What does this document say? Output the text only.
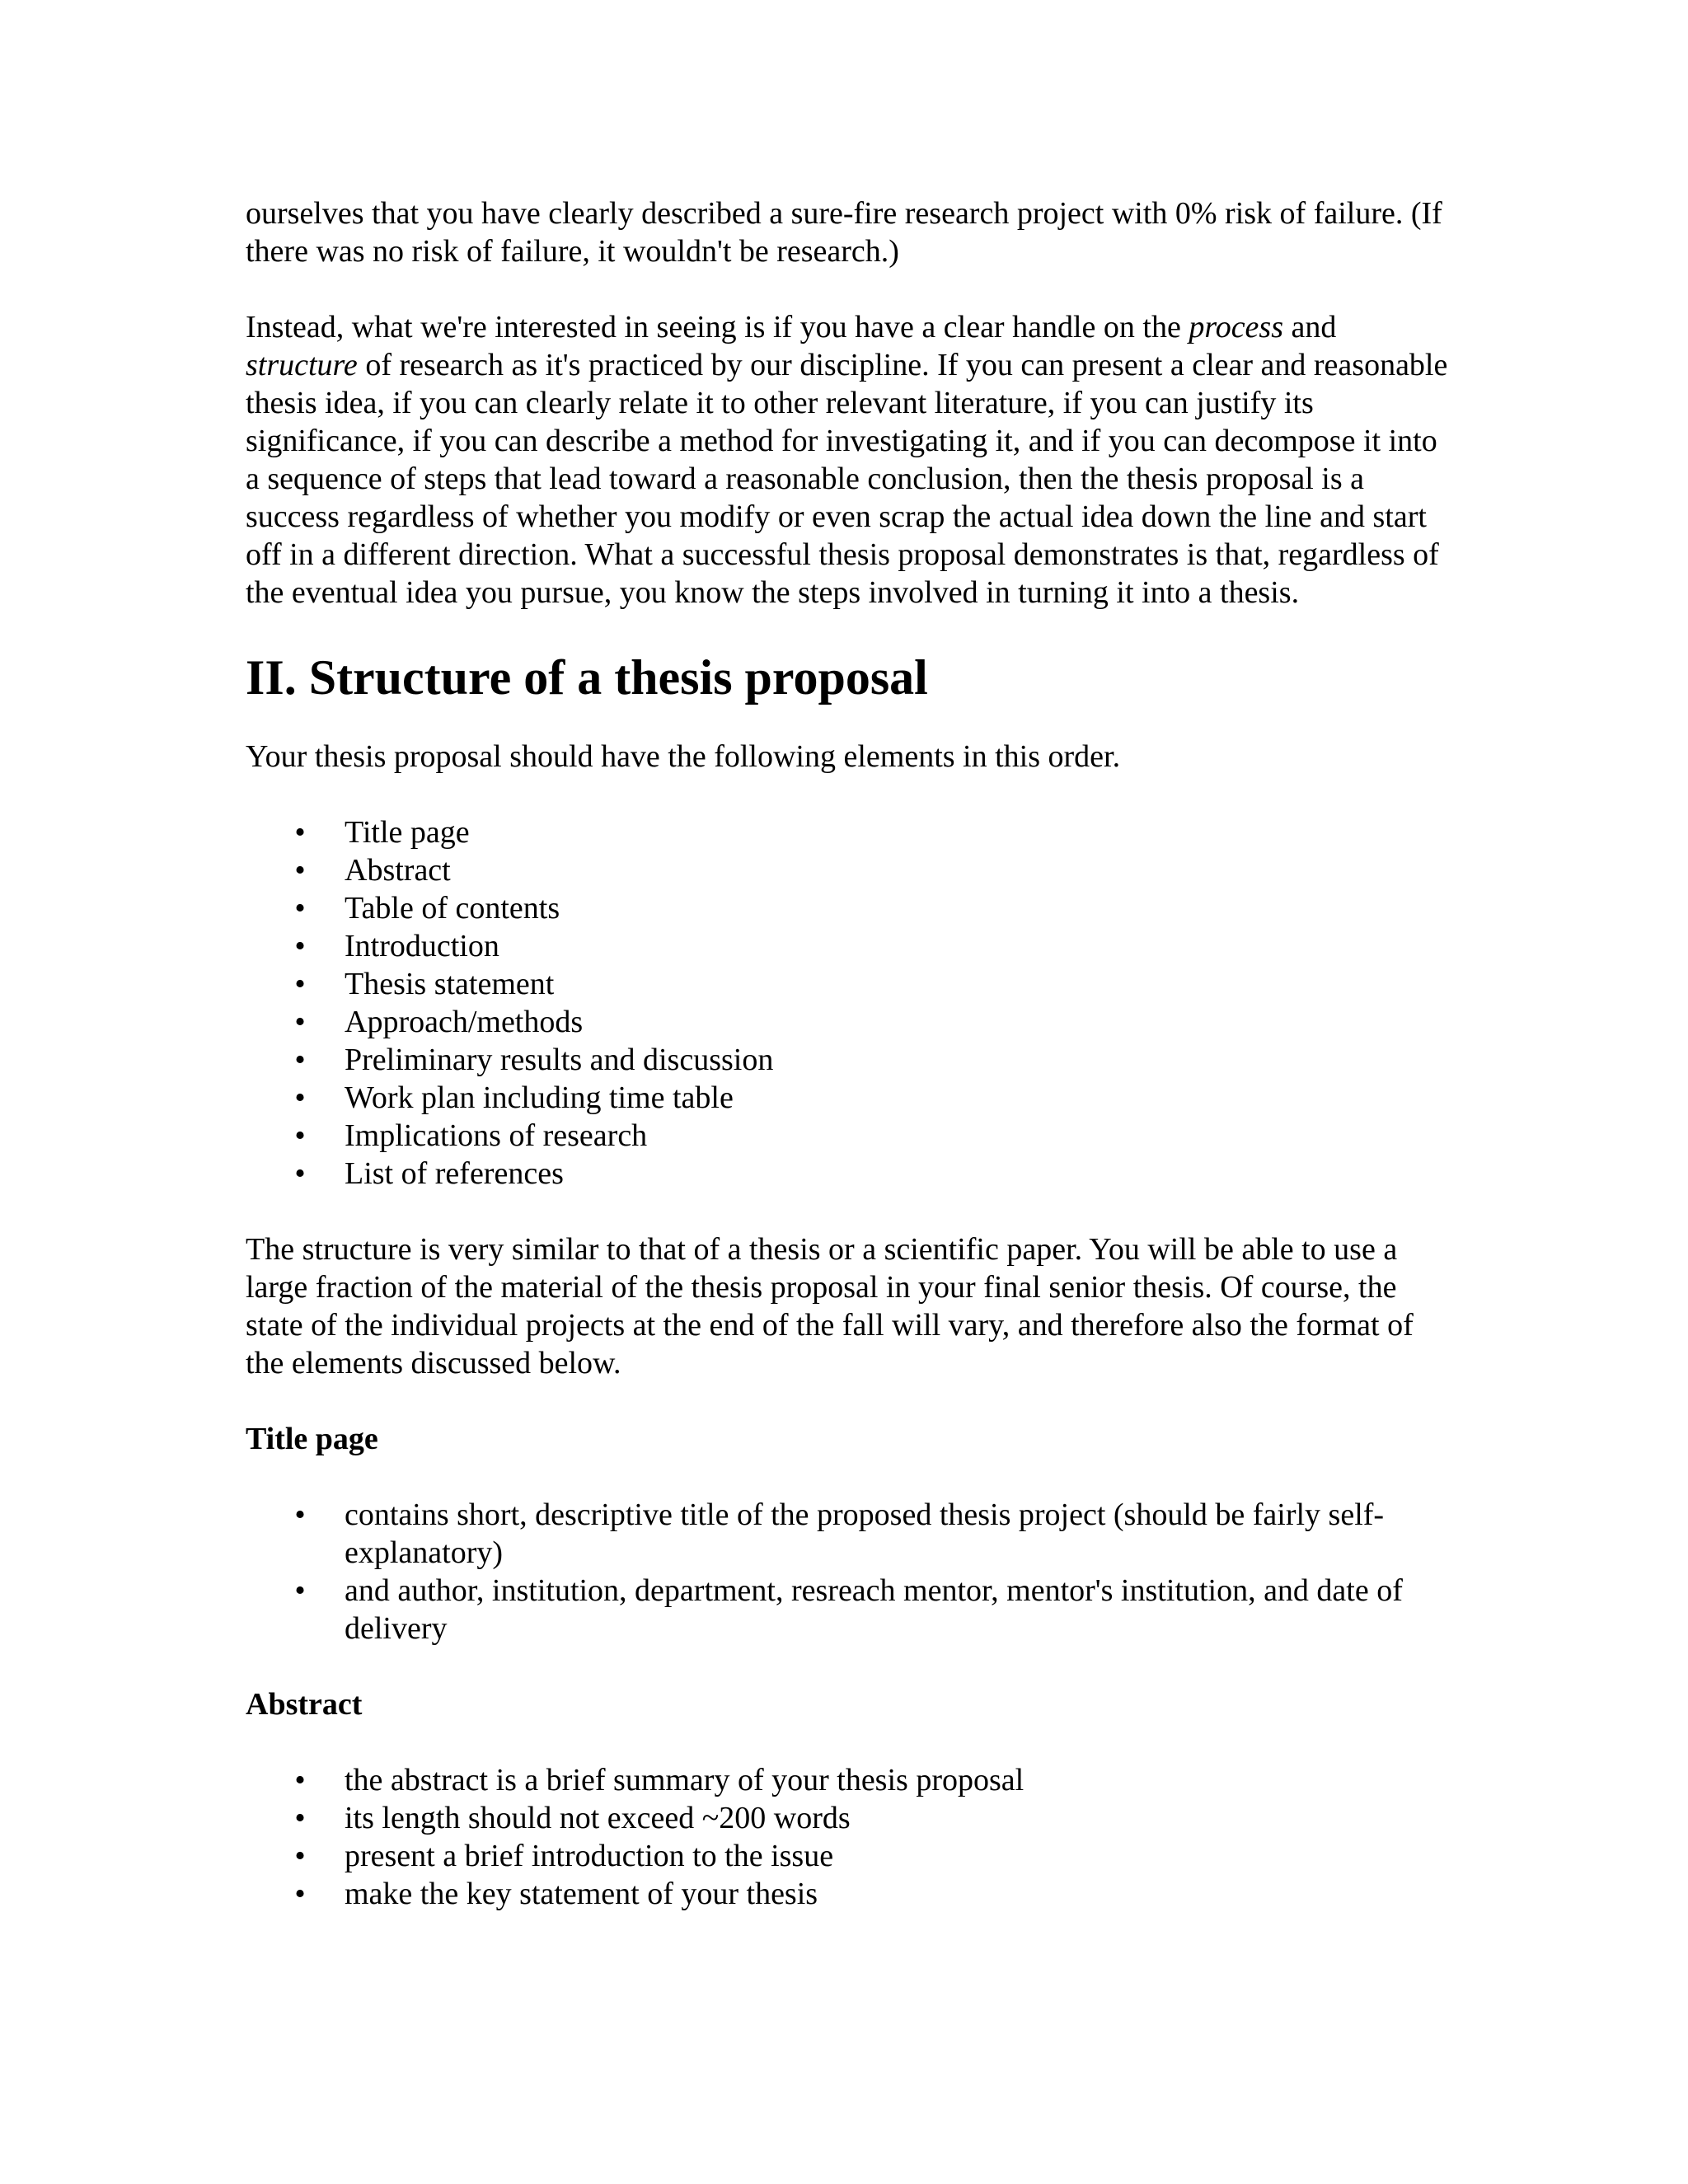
ourselves that you have clearly described a sure-fire research project with 0% risk of failure. (If there was no risk of failure, it wouldn't be research.)

Instead, what we're interested in seeing is if you have a clear handle on the process and structure of research as it's practiced by our discipline. If you can present a clear and reasonable thesis idea, if you can clearly relate it to other relevant literature, if you can justify its significance, if you can describe a method for investigating it, and if you can decompose it into a sequence of steps that lead toward a reasonable conclusion, then the thesis proposal is a success regardless of whether you modify or even scrap the actual idea down the line and start off in a different direction. What a successful thesis proposal demonstrates is that, regardless of the eventual idea you pursue, you know the steps involved in turning it into a thesis.

II. Structure of a thesis proposal

Your thesis proposal should have the following elements in this order.

• Title page
• Abstract
• Table of contents
• Introduction
• Thesis statement
• Approach/methods
• Preliminary results and discussion
• Work plan including time table
• Implications of research
• List of references

The structure is very similar to that of a thesis or a scientific paper. You will be able to use a large fraction of the material of the thesis proposal in your final senior thesis. Of course, the state of the individual projects at the end of the fall will vary, and therefore also the format of the elements discussed below.

Title page

• contains short, descriptive title of the proposed thesis project (should be fairly self-explanatory)
• and author, institution, department, resreach mentor, mentor's institution, and date of delivery

Abstract

• the abstract is a brief summary of your thesis proposal
• its length should not exceed ~200 words
• present a brief introduction to the issue
• make the key statement of your thesis
